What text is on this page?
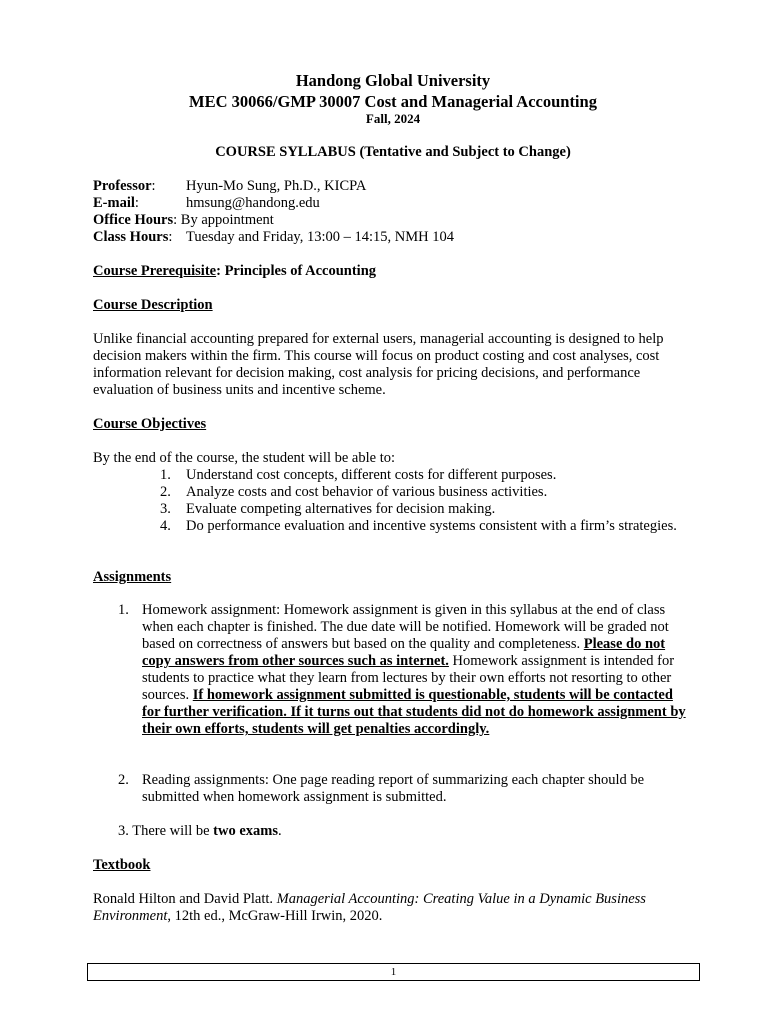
Handong Global University
MEC 30066/GMP 30007 Cost and Managerial Accounting
Fall, 2024
COURSE SYLLABUS (Tentative and Subject to Change)
Professor: Hyun-Mo Sung, Ph.D., KICPA
E-mail:	hmsung@handong.edu
Office Hours: By appointment
Class Hours: Tuesday and Friday, 13:00 – 14:15, NMH 104
Course Prerequisite: Principles of Accounting
Course Description
Unlike financial accounting prepared for external users, managerial accounting is designed to help decision makers within the firm. This course will focus on product costing and cost analyses, cost information relevant for decision making, cost analysis for pricing decisions, and performance evaluation of business units and incentive scheme.
Course Objectives
By the end of the course, the student will be able to:
1.	Understand cost concepts, different costs for different purposes.
2.	Analyze costs and cost behavior of various business activities.
3.	Evaluate competing alternatives for decision making.
4.	Do performance evaluation and incentive systems consistent with a firm’s strategies.
Assignments
1. Homework assignment: Homework assignment is given in this syllabus at the end of class when each chapter is finished. The due date will be notified. Homework will be graded not based on correctness of answers but based on the quality and completeness. Please do not copy answers from other sources such as internet. Homework assignment is intended for students to practice what they learn from lectures by their own efforts not resorting to other sources. If homework assignment submitted is questionable, students will be contacted for further verification. If it turns out that students did not do homework assignment by their own efforts, students will get penalties accordingly.
2. Reading assignments: One page reading report of summarizing each chapter should be submitted when homework assignment is submitted.
3. There will be two exams.
Textbook
Ronald Hilton and David Platt. Managerial Accounting: Creating Value in a Dynamic Business Environment, 12th ed., McGraw-Hill Irwin, 2020.
1
